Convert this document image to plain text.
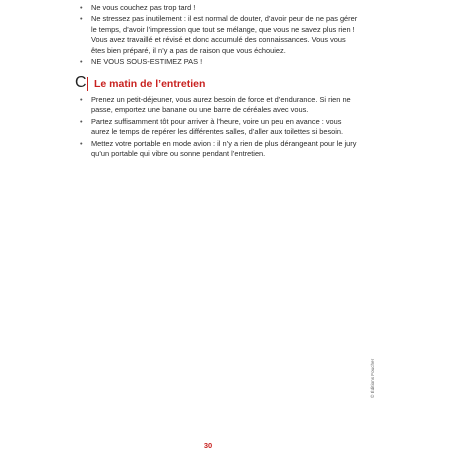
• Ne vous couchez pas trop tard !
• Ne stressez pas inutilement : il est normal de douter, d’avoir peur de ne pas gérer le temps, d’avoir l’impression que tout se mélange, que vous ne savez plus rien ! Vous avez travaillé et révisé et donc accumulé des connaissances. Vous vous êtes bien préparé, il n’y a pas de raison que vous échouiez.
• NE VOUS SOUS-ESTIMEZ PAS !
C Le matin de l’entretien
• Prenez un petit-déjeuner, vous aurez besoin de force et d’endurance. Si rien ne passe, emportez une banane ou une barre de céréales avec vous.
• Partez suffisamment tôt pour arriver à l’heure, voire un peu en avance : vous aurez le temps de repérer les différentes salles, d’aller aux toilettes si besoin.
• Mettez votre portable en mode avion : il n’y a rien de plus dérangeant pour le jury qu’un portable qui vibre ou sonne pendant l’entretien.
© Éditions Foucher
30
